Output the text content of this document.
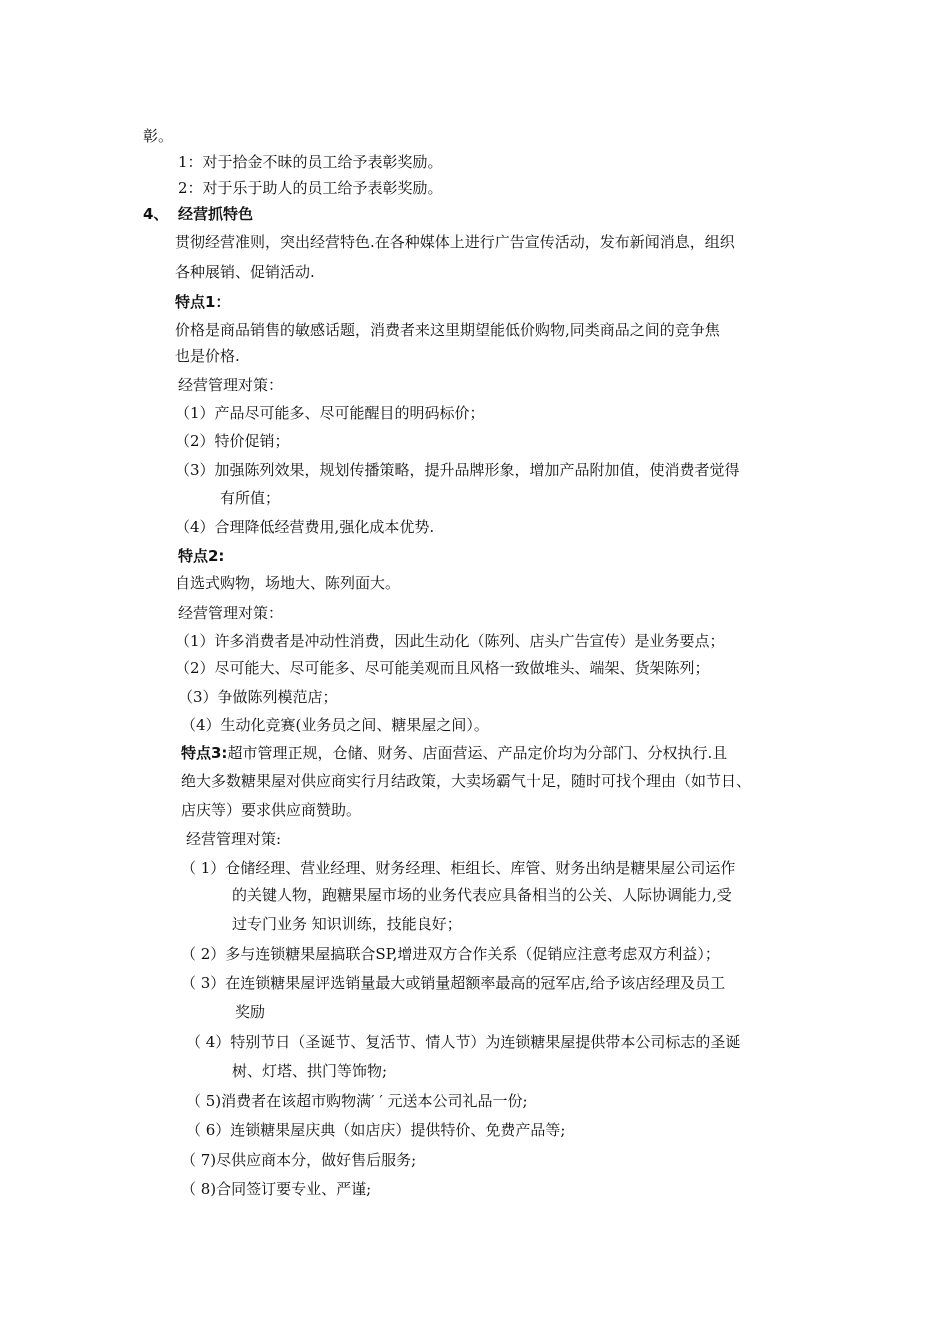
彰。
1：对于拾金不昧的员工给予表彰奖励。
2：对于乐于助人的员工给予表彰奖励。
4、 经营抓特色
贯彻经营准则，突出经营特色.在各种媒体上进行广告宣传活动，发布新闻消息，组织
各种展销、促销活动.
特点1：
价格是商品销售的敏感话题，消费者来这里期望能低价购物,同类商品之间的竞争焦
也是价格.
经营管理对策：
（1）产品尽可能多、尽可能醒目的明码标价；
（2）特价促销；
（3）加强陈列效果，规划传播策略，提升品牌形象，增加产品附加值，使消费者觉得
有所值；
（4）合理降低经营费用,强化成本优势.
特点2:
自选式购物，场地大、陈列面大。
经营管理对策：
（1）许多消费者是冲动性消费，因此生动化（陈列、店头广告宣传）是业务要点；
（2）尽可能大、尽可能多、尽可能美观而且风格一致做堆头、端架、货架陈列；
（3）争做陈列模范店；
（4）生动化竞赛(业务员之间、糖果屋之间）。
特点3:超市管理正规，仓储、财务、店面营运、产品定价均为分部门、分权执行.且
绝大多数糖果屋对供应商实行月结政策，大卖场霸气十足，随时可找个理由（如节日、
店庆等）要求供应商赞助。
经营管理对策:
（ 1）仓储经理、营业经理、财务经理、柜组长、库管、财务出纳是糖果屋公司运作
的关键人物，跑糖果屋市场的业务代表应具备相当的公关、人际协调能力,受
过专门业务 知识训练，技能良好；
（ 2）多与连锁糖果屋搞联合SP,增进双方合作关系（促销应注意考虑双方利益）；
（ 3）在连锁糖果屋评选销量最大或销量超额率最高的冠军店,给予该店经理及员工
奖励
（ 4）特别节日（圣诞节、复活节、情人节）为连锁糖果屋提供带本公司标志的圣诞
树、灯塔、拱门等饰物;
（ 5)消费者在该超市购物满′ ′ 元送本公司礼品一份;
（ 6）连锁糖果屋庆典（如店庆）提供特价、免费产品等;
（ 7)尽供应商本分，做好售后服务;
（ 8)合同签订要专业、严谨;
